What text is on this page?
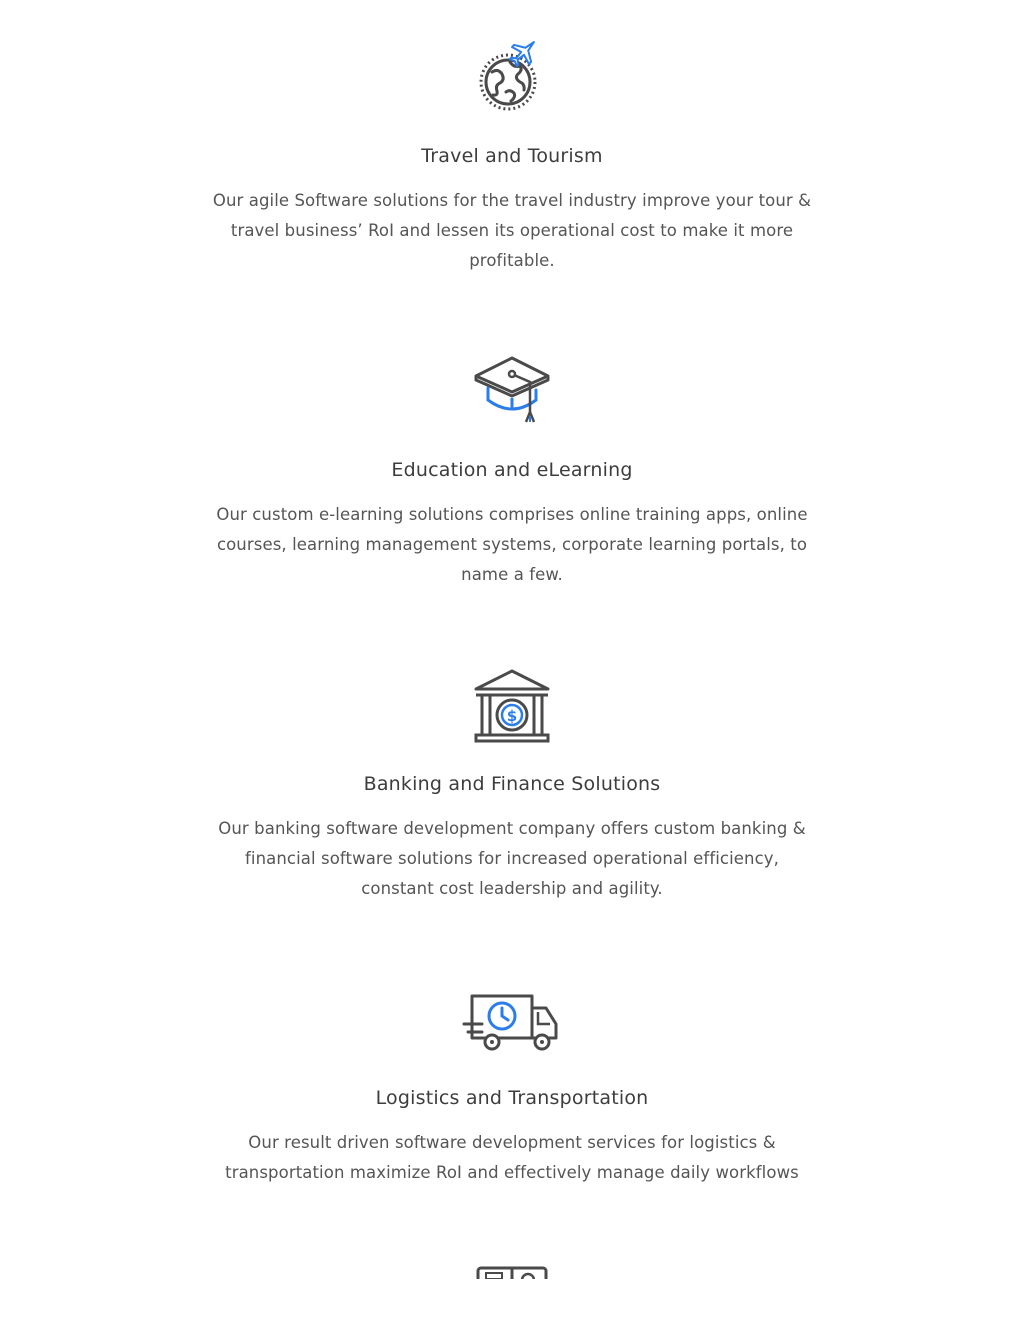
Travel and Tourism
Our agile Software solutions for the travel industry improve your tour & travel business’ RoI and lessen its operational cost to make it more profitable.
Education and eLearning
Our custom e-learning solutions comprises online training apps, online courses, learning management systems, corporate learning portals, to name a few.
$
Banking and Finance Solutions
Our banking software development company offers custom banking & financial software solutions for increased operational efficiency, constant cost leadership and agility.
Logistics and Transportation
Our result driven software development services for logistics & transportation maximize RoI and effectively manage daily workflows
